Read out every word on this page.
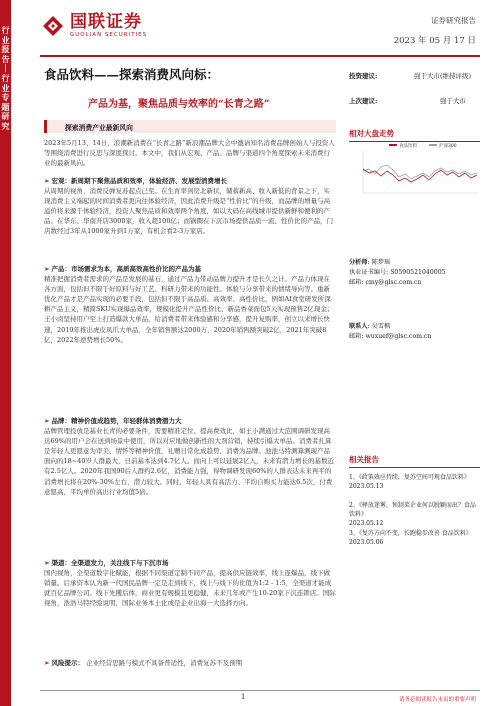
行业报告｜行业专题研究
国联证券
GUOLIAN SECURITIES
证券研究报告
2023 年 05 月 17 日
食品饮料——探索消费风向标：
产品为基，聚焦品质与效率的“长青之路”
投资建议:	强于大市(维持评级)
上次建议:	强于大市
相对大盘走势
食品饮料	沪深300
分析师: 陈梦瑶
执业证书编号: S0590521040005
邮箱: cmy@glsc.com.cn
联系人: 吴雪枫
邮箱: wuxuef@glsc.com.cn
相关报告
1、《政策效应持续，复苏空间可观食品饮料》
2023.05.13
2、《释放迷雾，预制菜企业何以脱颖而出？食品饮料》
2023.05.12
3、《复苏方向不变，长跑稳步改善 食品饮料》
2023.05.06
探索消费产业最新风向
2023年5月13、14日，浪潮新消费在“长青之路”新浪潮品牌大会中邀请知名消费品牌创始人与投资人等围绕消费进行反思与深度探讨。本文中，我们从宏观、产品、品牌与渠道四个角度探索未来消费行业的最新风向。
➢ 宏观：新周期下聚焦品质和效率，体验经济、发展型消费增长
从周期的视角，消费反弹复苏起点已至。在生育率剑房北新状，储蓄新高、收入新低的背景之下，实现消费主义端起的时间消费者更向往体验经济，因此消费升级是“性价比”的升级，而品牌的增量与高溢价将来源于体验经济，投资人聚焦品质和效率两个角度，如以大码在高线城市提供新鲜和便利的产品。在华东、华南开店3000家，收入超100亿；而锅圈在下沉市场提供品质一流、性价比的产品，门店数经过3年从1000家升到1万家，有机会看2-3万家店。
➢ 产品：市场需求为本，高质高效高性价比的产品为基
精准把握消费者需求的产品是发展的基石，通过产品力带动品牌力提升才是长久之计。产品力体现在各方面，包括但不限于好原料与好工艺、科研力带来的功能性。体验与分享带来的情绪导向等。重新优化产品才是产品实现的必要手段，包括但不限于高品质、高效率、高性价比，例如AI食堂研发所深耕产品主义，精简SKU实现爆品效率，规模化提升产品性价比，新品香菜面包5天实现预售2亿现金；王小卤坚持用户至上打造爆款大单品，给消费者带来体验感和分享感，提升复购率，创立以来增长快速，2019年推出虎皮凤爪大单品，全年销售额达2000万，2020年销售额突破2亿，2021年突破8亿，2022年逆势增长50%。
➢ 品牌：精神价值成趋势，年轻群体消费潜力大
品牌管理投放是基业长青的必要条件，需要精准定位、提高费效比，如王小满通过大范围调研发现高达69%的用户会在送到场景中使用，所以对应地做创新性的大剂营销，持续引爆大单品。消费者扎算是年轻人更愿意为审美、情怀等精神价值，礼赠日常化成趋势，消费为品牌。池池马特测算测现产品面向的18~40岁人群最大，日前基本达到4.7亿人。而向上可以延展2亿人，未来有潜力增长的基数近有2.5亿人。2020年我国90后人群约2.6亿，消费能力强，得物调研发现60%的人群表达未来再平的消费增长将在20%-30%左右，潜力较大。同时，年轻人具有高活力、平均自购买力能达6.5次，付费意愿高、平均单价高出行业均值5倍。
➢ 渠道：全渠道发力，关注线下与下沉市场
国内视角，全渠道数字化赋能，根据不同渠道定制不同产品，提高供应链效率，线上连爆品，线下做销量。启承资本认为新一代国民品牌一定是走到线下，线上与线下的比值为1:2 - 1:5，全渠道才能成就百亿品牌公司。线下先攫后体，商业更有规模且更稳健，未来几年或产生10-20家下沉连锁店。国际视角，浩浩马特经验说明，国际业务本土化或是企业出海一大选择方向。
➢ 风险提示： 企业经营思路与模式不具备普适性，消费复苏不及预期
1	请务必阅读报告末页的重要声明
